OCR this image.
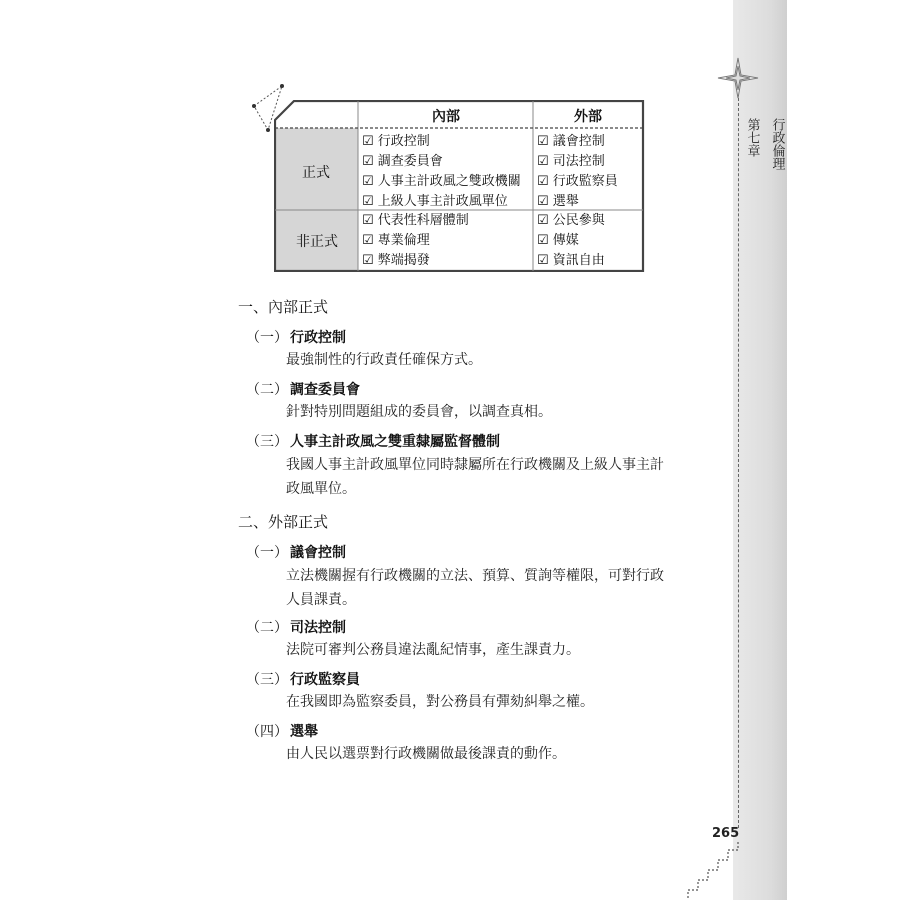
第七章 行政倫理
265
內部	外部
正式
非正式
☑ 行政控制
☑ 調查委員會
☑ 人事主計政風之雙政機關
☑ 上級人事主計政風單位
☑ 議會控制
☑ 司法控制
☑ 行政監察員
☑ 選舉
☑ 代表性科層體制
☑ 專業倫理
☑ 弊端揭發
☑ 公民參與
☑ 傳媒
☑ 資訊自由
一、內部正式
（一） 行政控制
最強制性的行政責任確保方式。
（二） 調查委員會
針對特別問題組成的委員會，以調查真相。
（三） 人事主計政風之雙重隸屬監督體制
我國人事主計政風單位同時隸屬所在行政機關及上級人事主計
政風單位。
二、外部正式
（一） 議會控制
立法機關握有行政機關的立法、預算、質詢等權限，可對行政
人員課責。
（二） 司法控制
法院可審判公務員違法亂紀情事，產生課責力。
（三） 行政監察員
在我國即為監察委員，對公務員有彈劾糾舉之權。
（四） 選舉
由人民以選票對行政機關做最後課責的動作。
